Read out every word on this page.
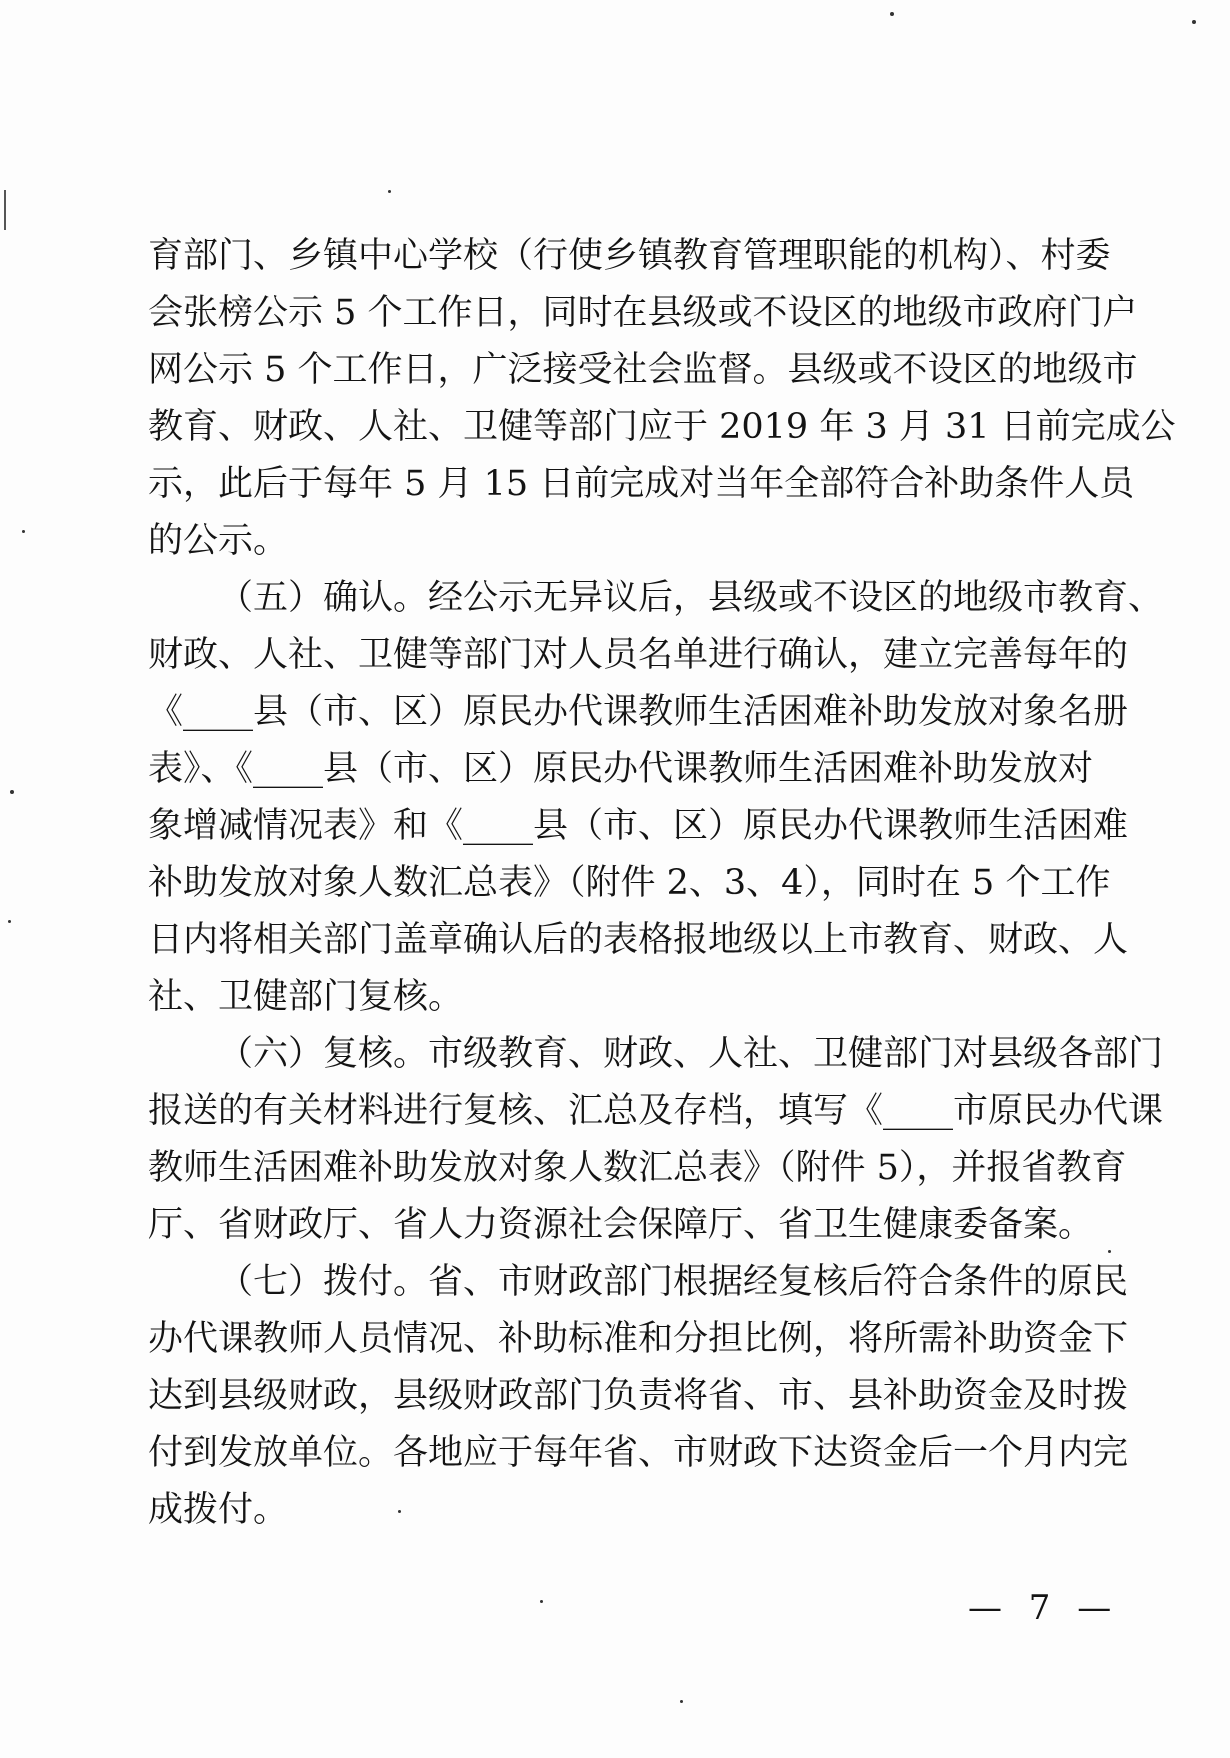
育部门、乡镇中心学校（行使乡镇教育管理职能的机构）、村委
会张榜公示 5 个工作日，同时在县级或不设区的地级市政府门户
网公示 5 个工作日，广泛接受社会监督。县级或不设区的地级市
教育、财政、人社、卫健等部门应于 2019 年 3 月 31 日前完成公
示，此后于每年 5 月 15 日前完成对当年全部符合补助条件人员
的公示。
（五）确认。经公示无异议后，县级或不设区的地级市教育、
财政、人社、卫健等部门对人员名单进行确认，建立完善每年的
《____县（市、区）原民办代课教师生活困难补助发放对象名册
表》、《____县（市、区）原民办代课教师生活困难补助发放对
象增减情况表》和《____县（市、区）原民办代课教师生活困难
补助发放对象人数汇总表》（附件 2、3、4），同时在 5 个工作
日内将相关部门盖章确认后的表格报地级以上市教育、财政、人
社、卫健部门复核。
（六）复核。市级教育、财政、人社、卫健部门对县级各部门
报送的有关材料进行复核、汇总及存档，填写《____市原民办代课
教师生活困难补助发放对象人数汇总表》（附件 5），并报省教育
厅、省财政厅、省人力资源社会保障厅、省卫生健康委备案。
（七）拨付。省、市财政部门根据经复核后符合条件的原民
办代课教师人员情况、补助标准和分担比例，将所需补助资金下
达到县级财政，县级财政部门负责将省、市、县补助资金及时拨
付到发放单位。各地应于每年省、市财政下达资金后一个月内完
成拨付。
— 7 —
